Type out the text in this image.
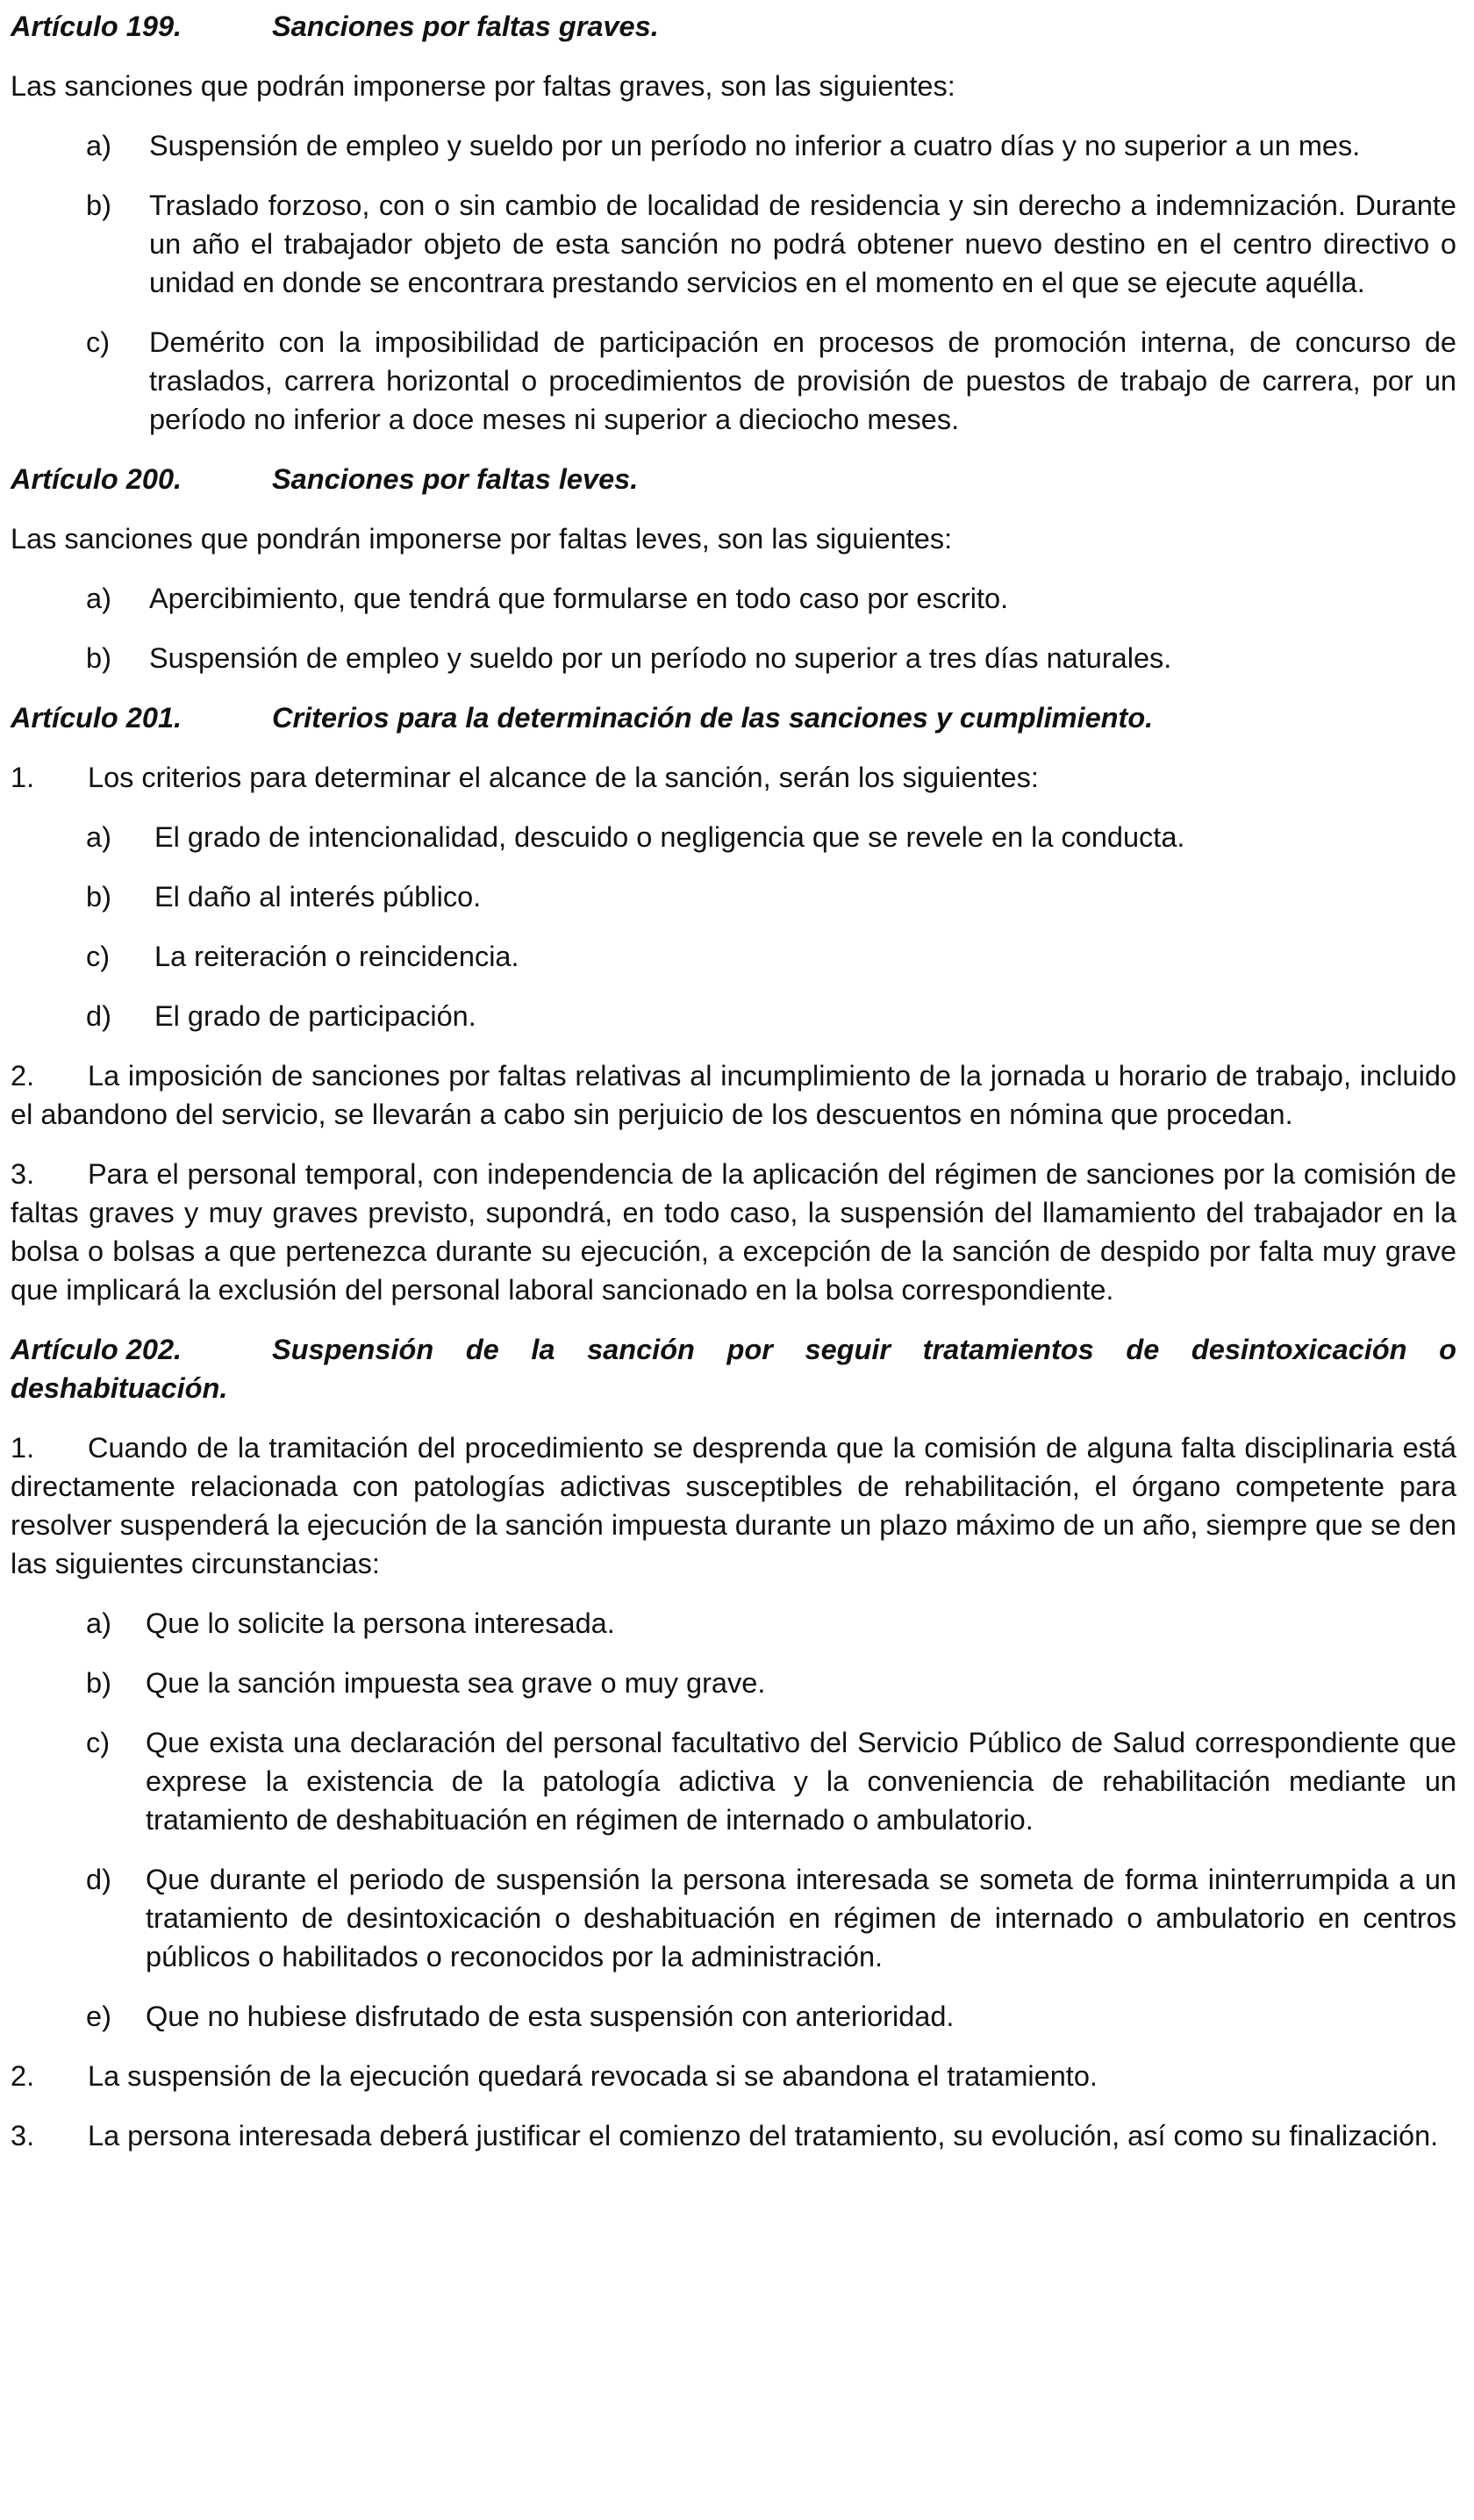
Artículo 199.	Sanciones por faltas graves.

Las sanciones que podrán imponerse por faltas graves, son las siguientes:

a)	Suspensión de empleo y sueldo por un período no inferior a cuatro días y no superior a un mes.
b)	Traslado forzoso, con o sin cambio de localidad de residencia y sin derecho a indemnización. Durante un año el trabajador objeto de esta sanción no podrá obtener nuevo destino en el centro directivo o unidad en donde se encontrara prestando servicios en el momento en el que se ejecute aquélla.
c)	Demérito con la imposibilidad de participación en procesos de promoción interna, de concurso de traslados, carrera horizontal o procedimientos de provisión de puestos de trabajo de carrera, por un período no inferior a doce meses ni superior a dieciocho meses.
Artículo 200.	Sanciones por faltas leves.

Las sanciones que pondrán imponerse por faltas leves, son las siguientes:

a)	Apercibimiento, que tendrá que formularse en todo caso por escrito.
b)	Suspensión de empleo y sueldo por un período no superior a tres días naturales.
Artículo 201.	Criterios para la determinación de las sanciones y cumplimiento.

1. Los criterios para determinar el alcance de la sanción, serán los siguientes:

a)	El grado de intencionalidad, descuido o negligencia que se revele en la conducta.
b)	El daño al interés público.
c)	La reiteración o reincidencia.
d)	El grado de participación.

2. La imposición de sanciones por faltas relativas al incumplimiento de la jornada u horario de trabajo, incluido el abandono del servicio, se llevarán a cabo sin perjuicio de los descuentos en nómina que procedan.

3. Para el personal temporal, con independencia de la aplicación del régimen de sanciones por la comisión de faltas graves y muy graves previsto, supondrá, en todo caso, la suspensión del llamamiento del trabajador en la bolsa o bolsas a que pertenezca durante su ejecución, a excepción de la sanción de despido por falta muy grave que implicará la exclusión del personal laboral sancionado en la bolsa correspondiente.

Artículo 202.	Suspensión de la sanción por seguir tratamientos de desintoxicación o deshabituación.

1. Cuando de la tramitación del procedimiento se desprenda que la comisión de alguna falta disciplinaria está directamente relacionada con patologías adictivas susceptibles de rehabilitación, el órgano competente para resolver suspenderá la ejecución de la sanción impuesta durante un plazo máximo de un año, siempre que se den las siguientes circunstancias:

a)	Que lo solicite la persona interesada.
b)	Que la sanción impuesta sea grave o muy grave.
c)	Que exista una declaración del personal facultativo del Servicio Público de Salud correspondiente que exprese la existencia de la patología adictiva y la conveniencia de rehabilitación mediante un tratamiento de deshabituación en régimen de internado o ambulatorio.
d)	Que durante el periodo de suspensión la persona interesada se someta de forma ininterrumpida a un tratamiento de desintoxicación o deshabituación en régimen de internado o ambulatorio en centros públicos o habilitados o reconocidos por la administración.
e)	Que no hubiese disfrutado de esta suspensión con anterioridad.

2. La suspensión de la ejecución quedará revocada si se abandona el tratamiento.

3. La persona interesada deberá justificar el comienzo del tratamiento, su evolución, así como su finalización.
